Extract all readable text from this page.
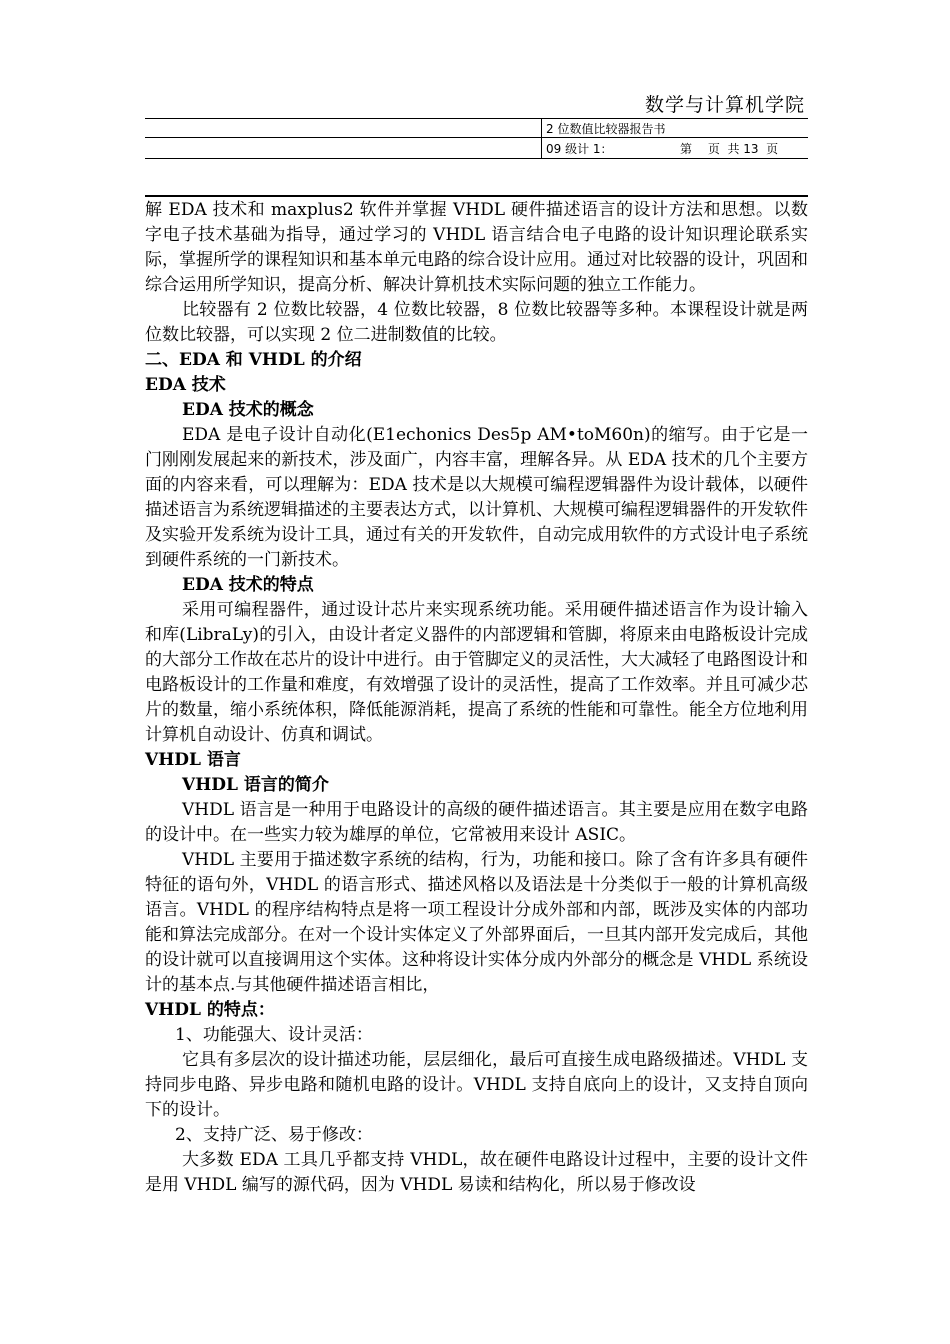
数学与计算机学院
2 位数值比较器报告书
09 级计 1：	第　 页  共 13  页

解 EDA 技术和 maxplus2 软件并掌握 VHDL 硬件描述语言的设计方法和思想。以数字电子技术基础为指导，通过学习的 VHDL 语言结合电子电路的设计知识理论联系实际，掌握所学的课程知识和基本单元电路的综合设计应用。通过对比较器的设计，巩固和综合运用所学知识，提高分析、解决计算机技术实际问题的独立工作能力。

比较器有 2 位数比较器，4 位数比较器，8 位数比较器等多种。本课程设计就是两位数比较器，可以实现 2 位二进制数值的比较。

二、EDA 和 VHDL 的介绍

EDA 技术

EDA 技术的概念

EDA 是电子设计自动化(E1echonics Des5p AM•toM60n)的缩写。由于它是一门刚刚发展起来的新技术，涉及面广，内容丰富，理解各异。从 EDA 技术的几个主要方面的内容来看，可以理解为：EDA 技术是以大规模可编程逻辑器件为设计载体，以硬件描述语言为系统逻辑描述的主要表达方式，以计算机、大规模可编程逻辑器件的开发软件及实验开发系统为设计工具，通过有关的开发软件，自动完成用软件的方式设计电子系统到硬件系统的一门新技术。

EDA 技术的特点

采用可编程器件，通过设计芯片来实现系统功能。采用硬件描述语言作为设计输入和库(LibraLy)的引入，由设计者定义器件的内部逻辑和管脚，将原来由电路板设计完成的大部分工作故在芯片的设计中进行。由于管脚定义的灵活性，大大减轻了电路图设计和电路板设计的工作量和难度，有效增强了设计的灵活性，提高了工作效率。并且可减少芯片的数量，缩小系统体积，降低能源消耗，提高了系统的性能和可靠性。能全方位地利用计算机自动设计、仿真和调试。

VHDL 语言

VHDL 语言的简介

VHDL 语言是一种用于电路设计的高级的硬件描述语言。其主要是应用在数字电路的设计中。在一些实力较为雄厚的单位，它常被用来设计 ASIC。

VHDL 主要用于描述数字系统的结构，行为，功能和接口。除了含有许多具有硬件特征的语句外，VHDL 的语言形式、描述风格以及语法是十分类似于一般的计算机高级语言。VHDL 的程序结构特点是将一项工程设计分成外部和内部，既涉及实体的内部功能和算法完成部分。在对一个设计实体定义了外部界面后，一旦其内部开发完成后，其他的设计就可以直接调用这个实体。这种将设计实体分成内外部分的概念是 VHDL 系统设计的基本点.与其他硬件描述语言相比，

VHDL 的特点：

1、功能强大、设计灵活：

它具有多层次的设计描述功能，层层细化，最后可直接生成电路级描述。VHDL 支持同步电路、异步电路和随机电路的设计。VHDL 支持自底向上的设计，又支持自顶向下的设计。

2、支持广泛、易于修改：

大多数 EDA 工具几乎都支持 VHDL，故在硬件电路设计过程中，主要的设计文件是用 VHDL 编写的源代码，因为 VHDL 易读和结构化，所以易于修改设
